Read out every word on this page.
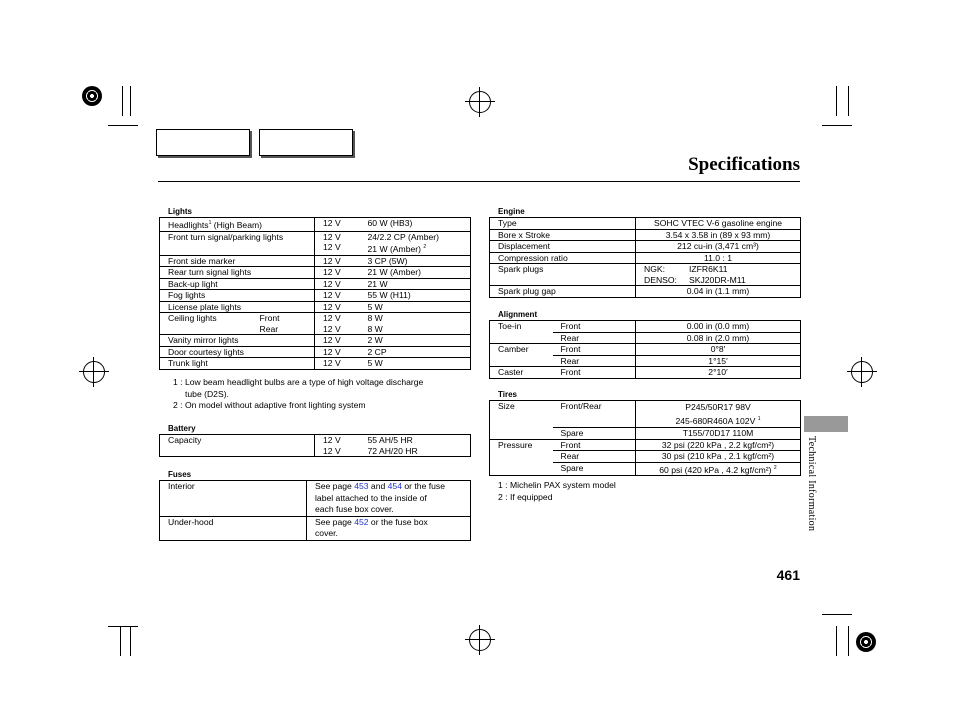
Specifications
Lights
Headlights$^1$ (High Beam)	12 V	60 W (HB3)
Front turn signal/parking lights	12 V	24/2.2 CP (Amber)
	12 V	21 W (Amber) $^2$
Front side marker	12 V	3 CP (5W)
Rear turn signal lights	12 V	21 W (Amber)
Back-up light	12 V	21 W
Fog lights	12 V	55 W (H11)
License plate lights	12 V	5 W
Ceiling lights Front	12 V	8 W

Rear	12 V	8 W
Vanity mirror lights	12 V	2 W
Door courtesy lights	12 V	2 CP
Trunk light	12 V	5 W
1 : Low beam headlight bulbs are a type of high voltage discharge
tube (D2S).
2 : On model without adaptive front lighting system
Battery
Capacity	12 V	55 AH/5 HR
	12 V	72 AH/20 HR
Fuses
Interior	See page 453 and 454 or the fuse
label attached to the inside of
each fuse box cover.
Under-hood	See page 452 or the fuse box
cover.
Engine
Type	SOHC VTEC V-6 gasoline engine
Bore x Stroke	3.54 x 3.58 in (89 x 93 mm)
Displacement	212 cu-in (3,471 cm³)
Compression ratio	11.0 : 1
Spark plugs	NGK: IZFR6K11
DENSO: SKJ20DR-M11
Spark plug gap	0.04 in (1.1 mm)
Alignment
Toe-in	Front	0.00 in (0.0 mm)
	Rear	0.08 in (2.0 mm)
Camber	Front	0°8′
	Rear	1°15′
Caster	Front	2°10′
Tires
Size	Front/Rear	P245/50R17 98V
245-680R460A 102V $^1$
	Spare	T155/70D17 110M
Pressure	Front	32 psi (220 kPa , 2.2 kgf/cm²)
	Rear	30 psi (210 kPa , 2.1 kgf/cm²)
	Spare	60 psi (420 kPa , 4.2 kgf/cm²) $^2$
1 : Michelin PAX system model
2 : If equipped	Technical Information
461
